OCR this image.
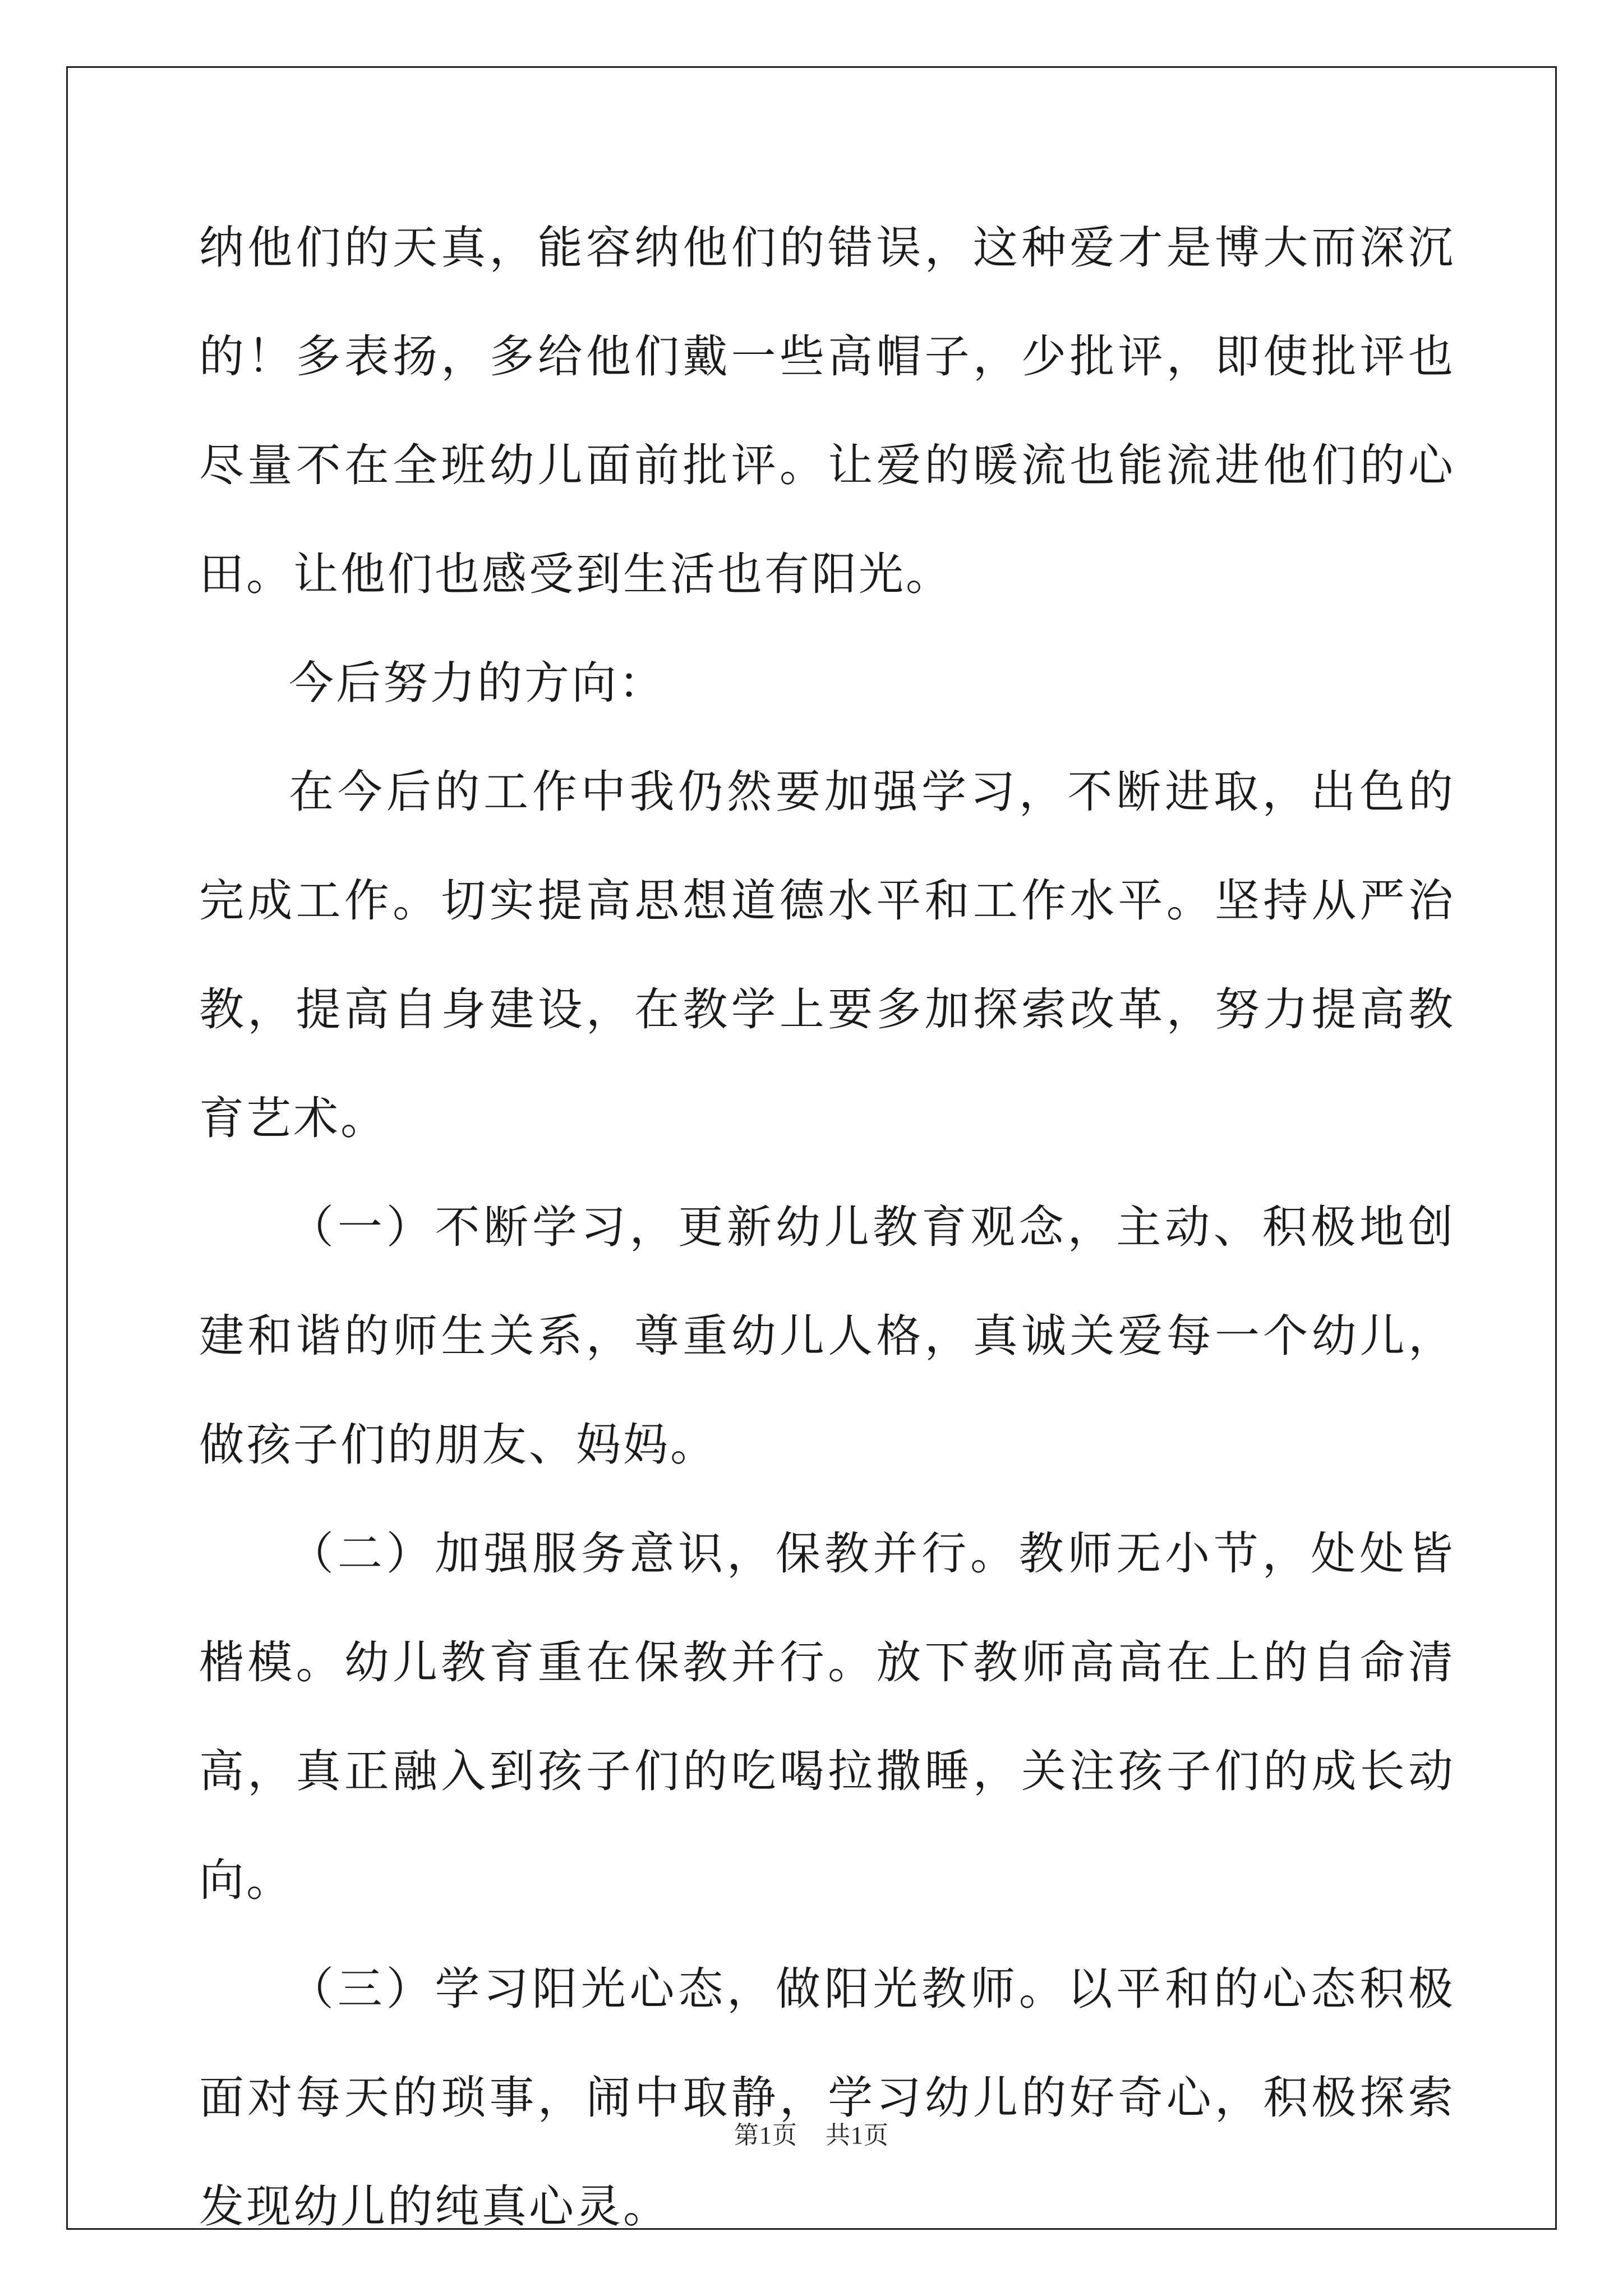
纳他们的天真，能容纳他们的错误，这种爱才是博大而深沉的！多表扬，多给他们戴一些高帽子，少批评，即使批评也尽量不在全班幼儿面前批评。让爱的暖流也能流进他们的心田。让他们也感受到生活也有阳光。

今后努力的方向：

在今后的工作中我仍然要加强学习，不断进取，出色的完成工作。切实提高思想道德水平和工作水平。坚持从严治教，提高自身建设，在教学上要多加探索改革，努力提高教育艺术。

（一）不断学习，更新幼儿教育观念，主动、积极地创建和谐的师生关系，尊重幼儿人格，真诚关爱每一个幼儿，做孩子们的朋友、妈妈。

（二）加强服务意识，保教并行。教师无小节，处处皆楷模。幼儿教育重在保教并行。放下教师高高在上的自命清高，真正融入到孩子们的吃喝拉撒睡，关注孩子们的成长动向。

（三）学习阳光心态，做阳光教师。以平和的心态积极面对每天的琐事，闹中取静，学习幼儿的好奇心，积极探索发现幼儿的纯真心灵。

第1页 共1页
